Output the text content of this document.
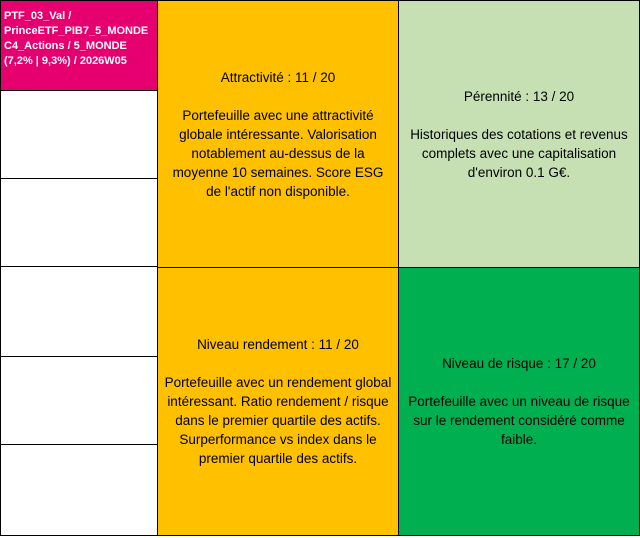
PTF_03_Val /
PrinceETF_PIB7_5_MONDE
C4_Actions / 5_MONDE
(7,2% | 9,3%) / 2026W05
Attractivité : 11 / 20
Portefeuille avec une attractivité globale intéressante. Valorisation notablement au-dessus de la moyenne 10 semaines. Score ESG de l'actif non disponible.
Pérennité : 13 / 20
Historiques des cotations et revenus complets avec une capitalisation d'environ 0.1 G€.
Niveau rendement : 11 / 20
Portefeuille avec un rendement global intéressant. Ratio rendement / risque dans le premier quartile des actifs. Surperformance vs index dans le premier quartile des actifs.
Niveau de risque : 17 / 20
Portefeuille avec un niveau de risque sur le rendement considéré comme faible.
